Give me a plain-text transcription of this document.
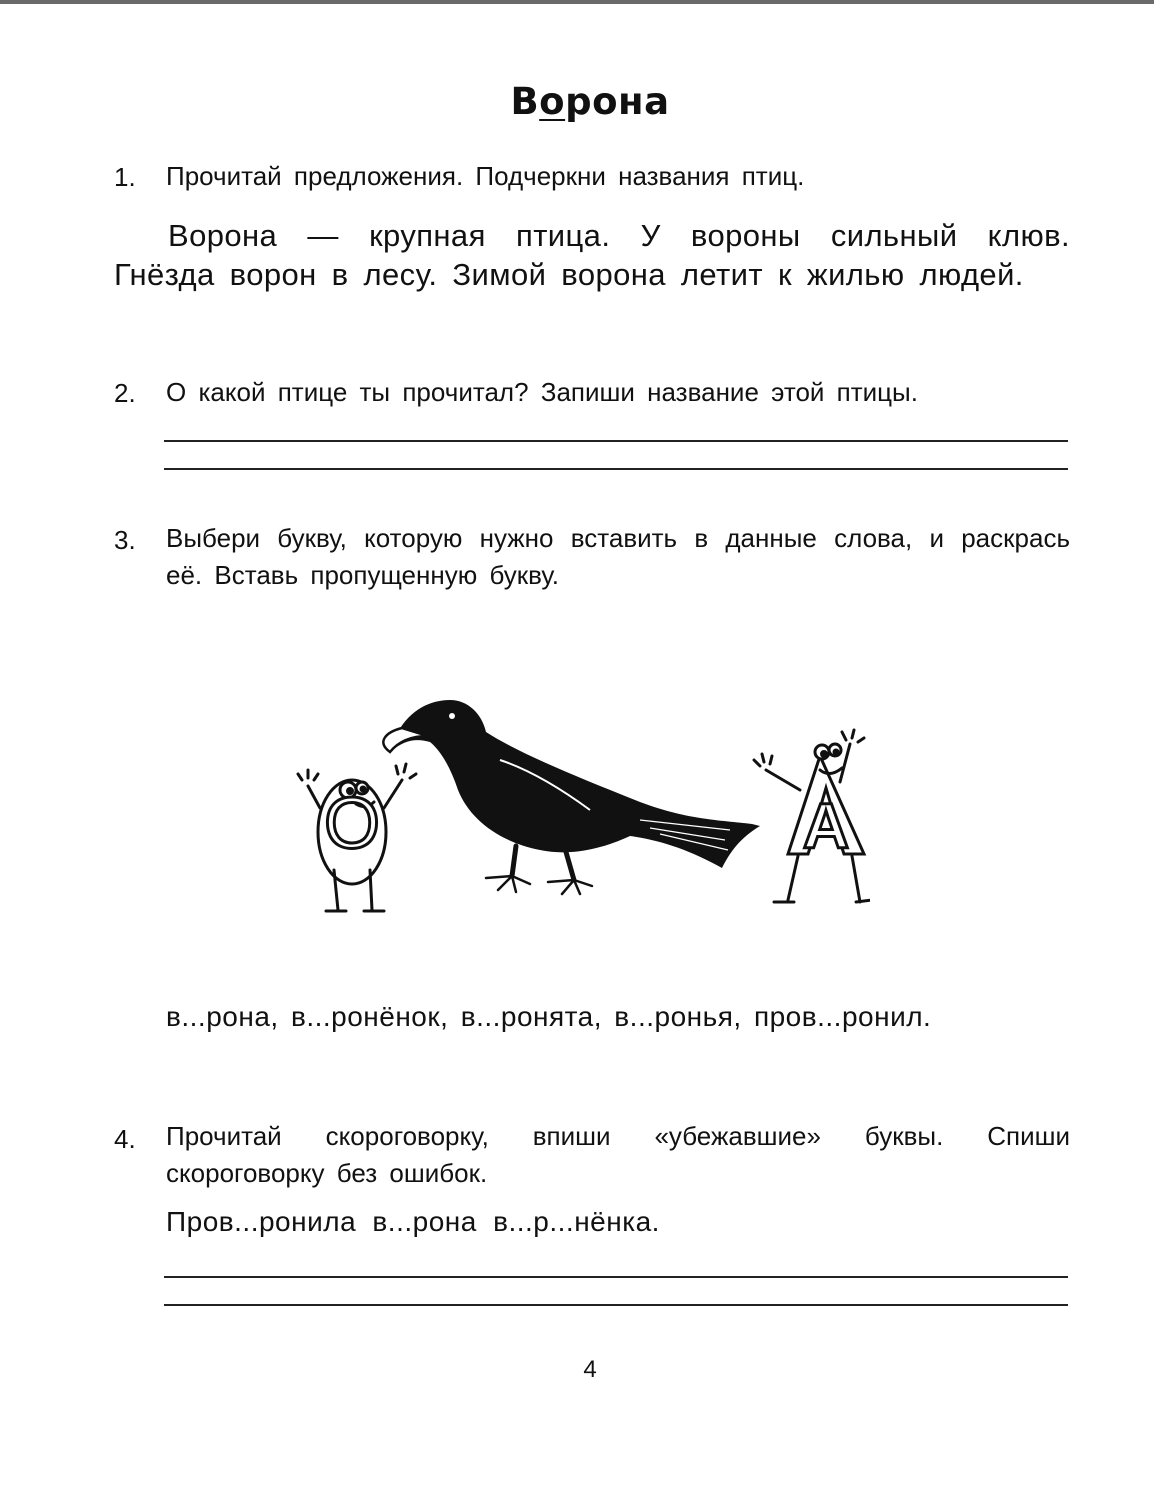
Ворона
1. Прочитай предложения. Подчеркни названия птиц.
Ворона — крупная птица. У вороны сильный клюв. Гнёзда ворон в лесу. Зимой ворона летит к жилью людей.
2. О какой птице ты прочитал? Запиши название этой птицы.
3. Выбери букву, которую нужно вставить в данные слова, и раскрась её. Вставь пропущенную букву.
О	А
в...рона, в...ронёнок, в...ронята, в...ронья, пров...ронил.
4. Прочитай скороговорку, впиши «убежавшие» буквы. Спиши скороговорку без ошибок.
Пров...ронила в...рона в...р...нёнка.
4
